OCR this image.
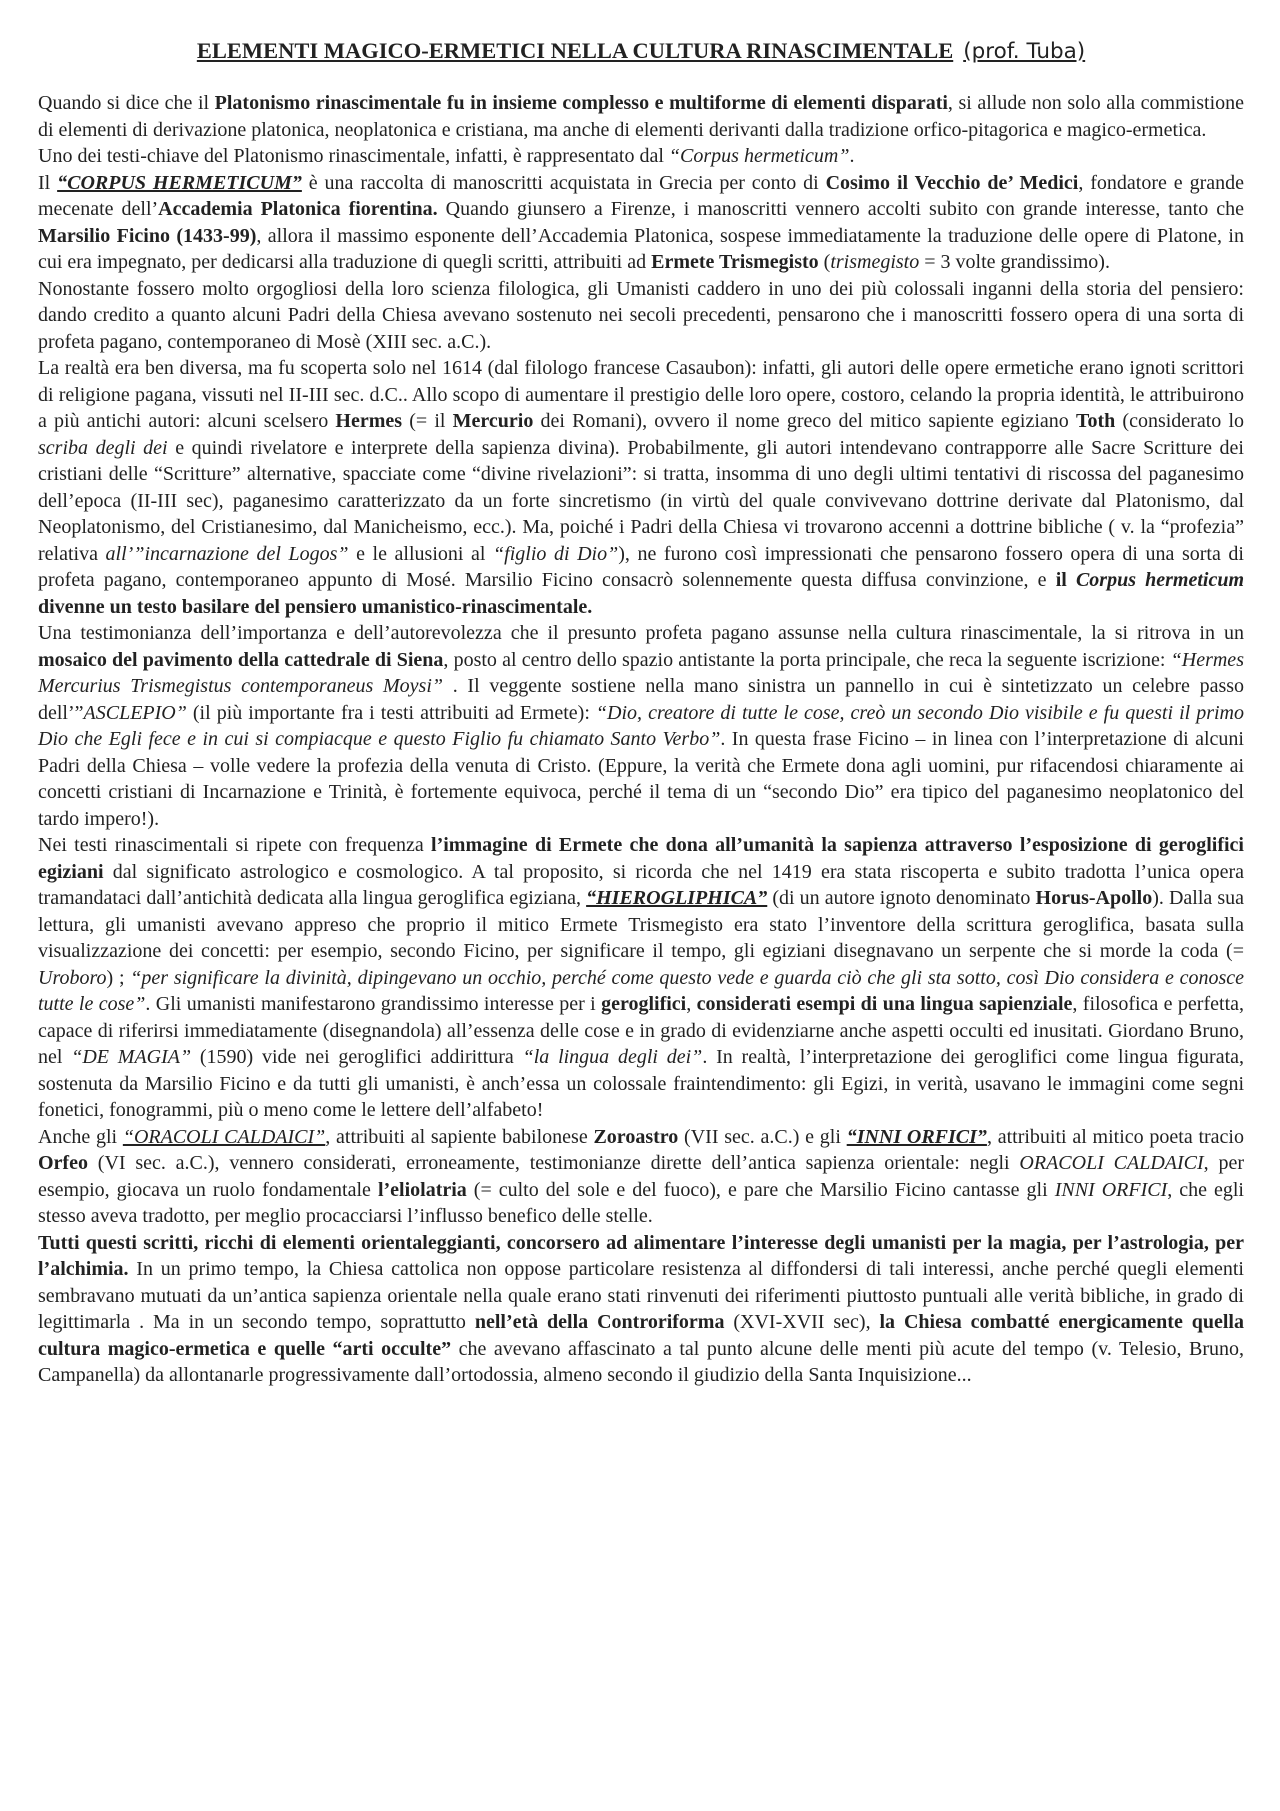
ELEMENTI MAGICO-ERMETICI NELLA CULTURA RINASCIMENTALE (prof. Tuba)

Quando si dice che il Platonismo rinascimentale fu in insieme complesso e multiforme di elementi disparati, si allude non solo alla commistione di elementi di derivazione platonica, neoplatonica e cristiana, ma anche di elementi derivanti dalla tradizione orfico-pitagorica e magico-ermetica.

Uno dei testi-chiave del Platonismo rinascimentale, infatti, è rappresentato dal “Corpus hermeticum”.

Il “CORPUS HERMETICUM” è una raccolta di manoscritti acquistata in Grecia per conto di Cosimo il Vecchio de’ Medici, fondatore e grande mecenate dell’Accademia Platonica fiorentina. Quando giunsero a Firenze, i manoscritti vennero accolti subito con grande interesse, tanto che Marsilio Ficino (1433-99), allora il massimo esponente dell’Accademia Platonica, sospese immediatamente la traduzione delle opere di Platone, in cui era impegnato, per dedicarsi alla traduzione di quegli scritti, attribuiti ad Ermete Trismegisto (trismegisto = 3 volte grandissimo).

Nonostante fossero molto orgogliosi della loro scienza filologica, gli Umanisti caddero in uno dei più colossali inganni della storia del pensiero: dando credito a quanto alcuni Padri della Chiesa avevano sostenuto nei secoli precedenti, pensarono che i manoscritti fossero opera di una sorta di profeta pagano, contemporaneo di Mosè (XIII sec. a.C.).

La realtà era ben diversa, ma fu scoperta solo nel 1614 (dal filologo francese Casaubon): infatti, gli autori delle opere ermetiche erano ignoti scrittori di religione pagana, vissuti nel II-III sec. d.C.. Allo scopo di aumentare il prestigio delle loro opere, costoro, celando la propria identità, le attribuirono a più antichi autori: alcuni scelsero Hermes (= il Mercurio dei Romani), ovvero il nome greco del mitico sapiente egiziano Toth (considerato lo scriba degli dei e quindi rivelatore e interprete della sapienza divina). Probabilmente, gli autori intendevano contrapporre alle Sacre Scritture dei cristiani delle “Scritture” alternative, spacciate come “divine rivelazioni”: si tratta, insomma di uno degli ultimi tentativi di riscossa del paganesimo dell’epoca (II-III sec), paganesimo caratterizzato da un forte sincretismo (in virtù del quale convivevano dottrine derivate dal Platonismo, dal Neoplatonismo, del Cristianesimo, dal Manicheismo, ecc.). Ma, poiché i Padri della Chiesa vi trovarono accenni a dottrine bibliche ( v. la “profezia” relativa all’”incarnazione del Logos” e le allusioni al “figlio di Dio”), ne furono così impressionati che pensarono fossero opera di una sorta di profeta pagano, contemporaneo appunto di Mosé. Marsilio Ficino consacrò solennemente questa diffusa convinzione, e il Corpus hermeticum divenne un testo basilare del pensiero umanistico-rinascimentale.

Una testimonianza dell’importanza e dell’autorevolezza che il presunto profeta pagano assunse nella cultura rinascimentale, la si ritrova in un mosaico del pavimento della cattedrale di Siena, posto al centro dello spazio antistante la porta principale, che reca la seguente iscrizione: “Hermes Mercurius Trismegistus contemporaneus Moysi” . Il veggente sostiene nella mano sinistra un pannello in cui è sintetizzato un celebre passo dell’”ASCLEPIO” (il più importante fra i testi attribuiti ad Ermete): “Dio, creatore di tutte le cose, creò un secondo Dio visibile e fu questi il primo Dio che Egli fece e in cui si compiacque e questo Figlio fu chiamato Santo Verbo”. In questa frase Ficino – in linea con l’interpretazione di alcuni Padri della Chiesa – volle vedere la profezia della venuta di Cristo. (Eppure, la verità che Ermete dona agli uomini, pur rifacendosi chiaramente ai concetti cristiani di Incarnazione e Trinità, è fortemente equivoca, perché il tema di un “secondo Dio” era tipico del paganesimo neoplatonico del tardo impero!).

Nei testi rinascimentali si ripete con frequenza l’immagine di Ermete che dona all’umanità la sapienza attraverso l’esposizione di geroglifici egiziani dal significato astrologico e cosmologico. A tal proposito, si ricorda che nel 1419 era stata riscoperta e subito tradotta l’unica opera tramandataci dall’antichità dedicata alla lingua geroglifica egiziana, “HIEROGLIPHICA” (di un autore ignoto denominato Horus-Apollo). Dalla sua lettura, gli umanisti avevano appreso che proprio il mitico Ermete Trismegisto era stato l’inventore della scrittura geroglifica, basata sulla visualizzazione dei concetti: per esempio, secondo Ficino, per significare il tempo, gli egiziani disegnavano un serpente che si morde la coda (= Uroboro) ; “per significare la divinità, dipingevano un occhio, perché come questo vede e guarda ciò che gli sta sotto, così Dio considera e conosce tutte le cose”. Gli umanisti manifestarono grandissimo interesse per i geroglifici, considerati esempi di una lingua sapienziale, filosofica e perfetta, capace di riferirsi immediatamente (disegnandola) all’essenza delle cose e in grado di evidenziarne anche aspetti occulti ed inusitati. Giordano Bruno, nel “DE MAGIA” (1590) vide nei geroglifici addirittura “la lingua degli dei”. In realtà, l’interpretazione dei geroglifici come lingua figurata, sostenuta da Marsilio Ficino e da tutti gli umanisti, è anch’essa un colossale fraintendimento: gli Egizi, in verità, usavano le immagini come segni fonetici, fonogrammi, più o meno come le lettere dell’alfabeto!

Anche gli “ORACOLI CALDAICI”, attribuiti al sapiente babilonese Zoroastro (VII sec. a.C.) e gli “INNI ORFICI”, attribuiti al mitico poeta tracio Orfeo (VI sec. a.C.), vennero considerati, erroneamente, testimonianze dirette dell’antica sapienza orientale: negli ORACOLI CALDAICI, per esempio, giocava un ruolo fondamentale l’eliolatria (= culto del sole e del fuoco), e pare che Marsilio Ficino cantasse gli INNI ORFICI, che egli stesso aveva tradotto, per meglio procacciarsi l’influsso benefico delle stelle.

Tutti questi scritti, ricchi di elementi orientaleggianti, concorsero ad alimentare l’interesse degli umanisti per la magia, per l’astrologia, per l’alchimia. In un primo tempo, la Chiesa cattolica non oppose particolare resistenza al diffondersi di tali interessi, anche perché quegli elementi sembravano mutuati da un’antica sapienza orientale nella quale erano stati rinvenuti dei riferimenti piuttosto puntuali alle verità bibliche, in grado di legittimarla . Ma in un secondo tempo, soprattutto nell’età della Controriforma (XVI-XVII sec), la Chiesa combatté energicamente quella cultura magico-ermetica e quelle “arti occulte” che avevano affascinato a tal punto alcune delle menti più acute del tempo (v. Telesio, Bruno, Campanella) da allontanarle progressivamente dall’ortodossia, almeno secondo il giudizio della Santa Inquisizione...
